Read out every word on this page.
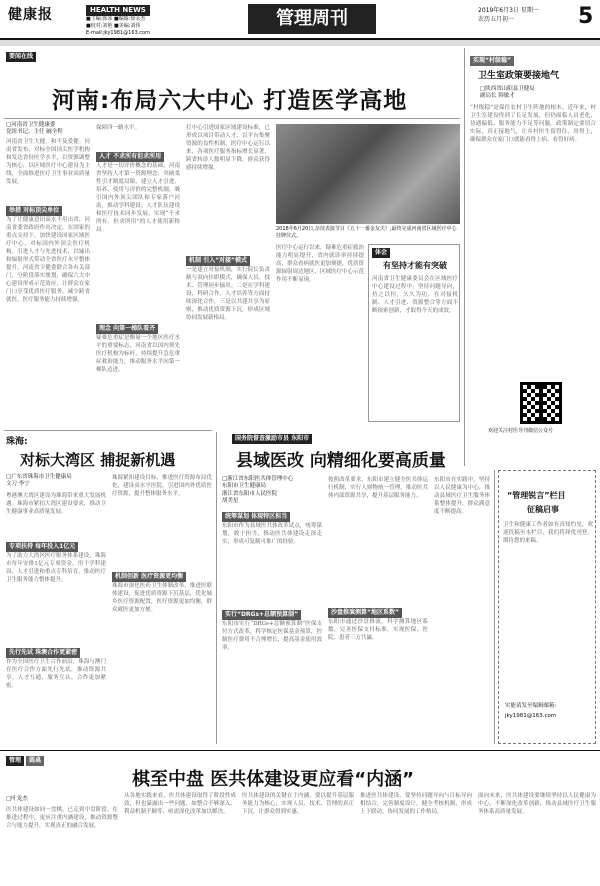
健康报	HEALTH NEWS
■主编:韩冰 ■编辑:徐永杰
■校对:刘艳 ■美编:刘伟
E-mail:jky1981@163.com
管理周刊	2019年6月3日 星期一
农历五月初一	5
要闻在线
河南:布局六大中心 打造医学高地
□河南省卫生健康委
党组书记、主任 阚全程
河南省卫生大健，和不及爱健。河南省发布，对标全国顶尖医学机构和发达省份医学水平，以资源调整为核心，以区域医疗中心建设为主线，全面推进医疗卫生事业高质量发展。
举措 对标顶尖单位
为了让健康意识高水不用出省，河南省委省政府作出决定，在国家的重点支持下，加快建设国家区域医疗中心，对标国内外顶尖医疗机构，引进人才与先进技术，以输出和辐射形式带动全省医疗水平整体提升。河南省卫健委联合各有关部门，分阶段落实规划，确保六大中心建设形成示范效应，让群众在家门口享受优质医疗服务，减少跨省就医，医疗服务能力持续增强。
保障四一路水平。
人才 不求所有但求所用
人才是一切评价概念的基础。河南省坚持人才第一资源理念，突破柔性引才制度局限，建立人才引进、培养、使用与评价的完整机制，吸引国内外顶尖团队和专家落户河南，推动学科建设、人才队伍建设和医疗技术同步发展，实现“不求所有，但求所用”的人才使用新格局。
理念 向第一梯队看齐
疑难危重症是衡量一个地区医疗水平的重要标志。河南省以国内领先医疗机构为标杆，持续提升急危重症救治能力，推动服务水平向第一梯队迈进。
打中心引进国家区域建设标准，已形成以项目带动人才、以平台集聚资源的良性机制。医疗中心运行以来，各项医疗服务指标增长显著，跨省转诊人数明显下降，群众获得感持续增强。
机制 引入“对接”模式
一是建立对接机制，实行院长负责制与双向挂职模式，确保人员、技术、管理同步输出。二是在学科建设、科研合作、人才培养等方面持续深化合作，三是以共建共享为原则，推动优质资源下沉，形成区域协同发展新格局。
2018年6月20日,杂技表演节目《五十一番金友夫》,最终完成河南省区域医疗中心挂牌仪式。
医疗中心运行以来，疑难危重症救治能力明显提升，省内就诊率持续提高，群众看病就医更加便捷，优质资源辐射周边地区，区域医疗中心示范作用不断显现。
体会
有坚持才能有突破
河南省卫生健康委员会在区域医疗中心建设过程中，坚持问题导向，持之以恒，久久为功，在对接机制、人才引进、资源整合等方面不断探索创新，才取得今天的成效。
实现“村级稳”
卫生室政策要接地气
□陕西省山阳县卫健局
副局长 韩敏才
“村级稳”是保住农村卫生阵地的根本。近年来，村卫生室建设得到了长足发展，但仍面临人员老化、待遇偏低、服务能力不足等问题。政策制定要切合实际，真正接地气，让乡村医生留得住、用得上，确保群众在家门口就能看得上病、看得好病。
欢迎关注村医导刊微信公众号
珠海:
对标大湾区 捕捉新机遇
□广东省珠海市卫生健康局
文刀 李宁
粤港澳大湾区建设为珠海带来重大发展机遇。珠海市紧扣大湾区建设要求，推动卫生健康事业高质量发展。
专项扶持 每年投入1亿元
为了助力大湾区医疗服务体系建设，珠海市每年安排1亿元专项资金，用于学科建设、人才引进和重点专科培育，推动医疗卫生服务能力整体提升。
先行先试 珠澳合作更紧密
作为全国医疗卫生合作前沿，珠海与澳门在医疗合作方面先行先试，推动资源共享、人才互通、服务互认，合作更加紧密。
珠海紧扣建设目标，推进医疗资源布局优化，建设高水平医院，引进国内外优质医疗资源，提升整体服务水平。
机制创新 医疗资源更均衡
珠海市深化医药卫生体制改革，推进医联体建设，促进优质资源下沉基层，优化城乡医疗资源配置，医疗资源更加均衡，群众就医更加方便。
国务院督查激励市县 东阳市
县域医改 向精细化要高质量
□浙江省东阳医共体管理中心
东阳市卫生健康局
浙江省东阳市人民医院
胡美星
统筹谋划 体现特区担当
东阳市作为县域医共体改革试点，统筹谋划，敢于担当，推动医共体建设走深走实，形成可复制可推广的经验。
实行“DRGs+总额预算制”
东阳市实行“DRGs+总额预算制”医保支付方式改革，科学核定医保基金预算，控制医疗费用不合理增长，提高基金使用效率。
按照改革要求，东阳市建立健全医共体运行机制，实行人财物统一管理，推动医共体内部资源共享，提升基层服务能力。
沙盘推演测算“地区系数”
东阳市通过沙盘推演，科学测算地区系数，完善医保支付标准，实现医保、医院、患者三方共赢。
东阳市在实践中，坚持以人民健康为中心，推动县域医疗卫生服务体系整体提升，群众满意度不断提高。
“管理锐言”栏目
征稿启事
卫生和健康工作者如有真知灼见，欢迎投稿至本栏目，我们将择优刊登，期待您的来稿。
实能请发至编辑邮箱:
jky1981@163.com
管理 圆桌
棋至中盘 医共体建设更应看“内涵”
□叶龙杰
医共体建设如同一盘棋，已走到中盘阶段。在推进过程中，更应注重内涵建设，推动资源整合与能力提升，实现真正的融合发展。
从各地实践来看，医共体建设取得了阶段性成效，但也暴露出一些问题，如整合不够深入、利益机制不顺等，亟需深化改革加以解决。
医共体建设的关键在于内涵，要以提升基层服务能力为核心，实现人员、技术、管理的真正下沉，让群众得到实惠。
推进医共体建设，要坚持问题导向与目标导向相结合，完善制度设计，健全考核机制，形成上下联动、协同发展的工作格局。
面向未来，医共体建设要继续坚持以人民健康为中心，不断深化改革创新，推动县域医疗卫生服务体系高质量发展。
